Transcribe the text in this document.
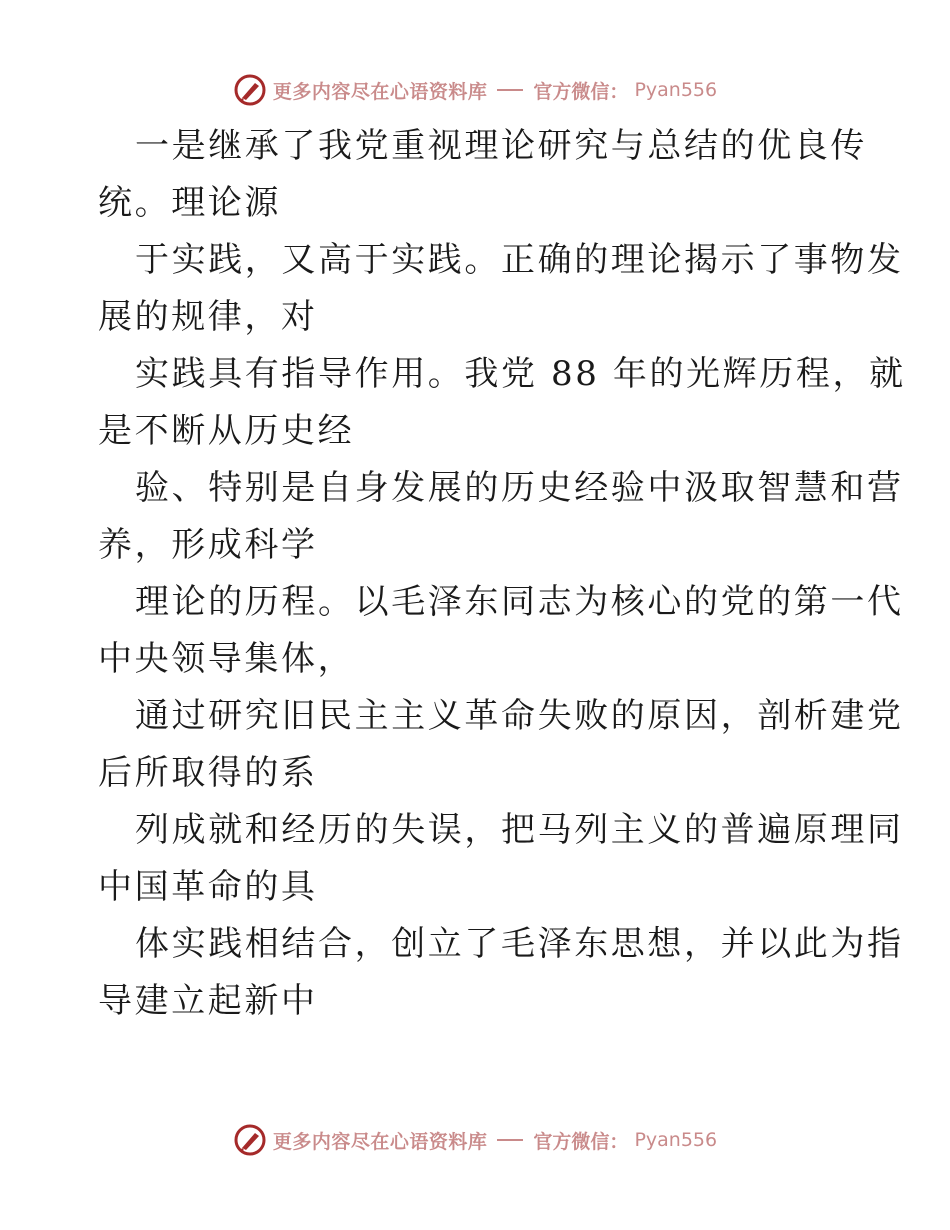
更多内容尽在心语资料库 官方微信： Pyan556
一是继承了我党重视理论研究与总结的优良传
统。理论源
于实践，又高于实践。正确的理论揭示了事物发
展的规律，对
实践具有指导作用。我党 88 年的光辉历程，就
是不断从历史经
验、特别是自身发展的历史经验中汲取智慧和营
养，形成科学
理论的历程。以毛泽东同志为核心的党的第一代
中央领导集体，
通过研究旧民主主义革命失败的原因，剖析建党
后所取得的系
列成就和经历的失误，把马列主义的普遍原理同
中国革命的具
体实践相结合，创立了毛泽东思想，并以此为指
导建立起新中
更多内容尽在心语资料库 官方微信： Pyan556
